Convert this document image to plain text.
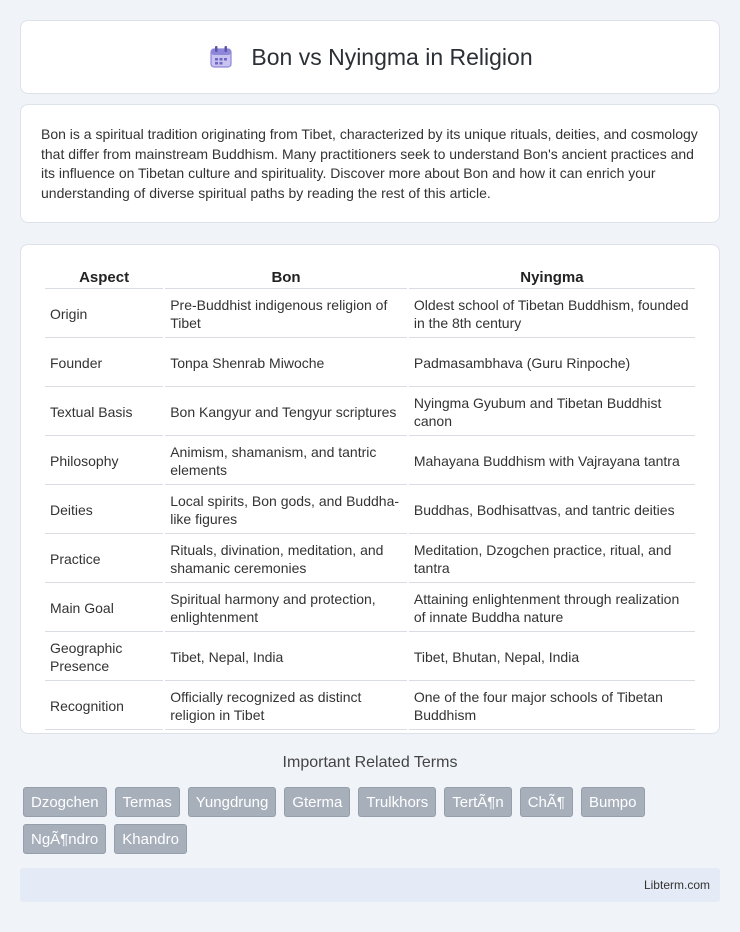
Bon vs Nyingma in Religion

Bon is a spiritual tradition originating from Tibet, characterized by its unique rituals, deities, and cosmology that differ from mainstream Buddhism. Many practitioners seek to understand Bon's ancient practices and its influence on Tibetan culture and spirituality. Discover more about Bon and how it can enrich your understanding of diverse spiritual paths by reading the rest of this article.

Aspect	Bon	Nyingma
Origin	Pre-Buddhist indigenous religion of Tibet	Oldest school of Tibetan Buddhism, founded in the 8th century
Founder	Tonpa Shenrab Miwoche	Padmasambhava (Guru Rinpoche)
Textual Basis	Bon Kangyur and Tengyur scriptures	Nyingma Gyubum and Tibetan Buddhist canon
Philosophy	Animism, shamanism, and tantric elements	Mahayana Buddhism with Vajrayana tantra
Deities	Local spirits, Bon gods, and Buddha-like figures	Buddhas, Bodhisattvas, and tantric deities
Practice	Rituals, divination, meditation, and shamanic ceremonies	Meditation, Dzogchen practice, ritual, and tantra
Main Goal	Spiritual harmony and protection, enlightenment	Attaining enlightenment through realization of innate Buddha nature
Geographic Presence	Tibet, Nepal, India	Tibet, Bhutan, Nepal, India
Recognition	Officially recognized as distinct religion in Tibet	One of the four major schools of Tibetan Buddhism
Important Related Terms
Dzogchen	Termas	Yungdrung	Gterma	Trulkhors	TertÃ¶n	ChÃ¶	Bumpo
NgÃ¶ndro	Khandro
Libterm.com
